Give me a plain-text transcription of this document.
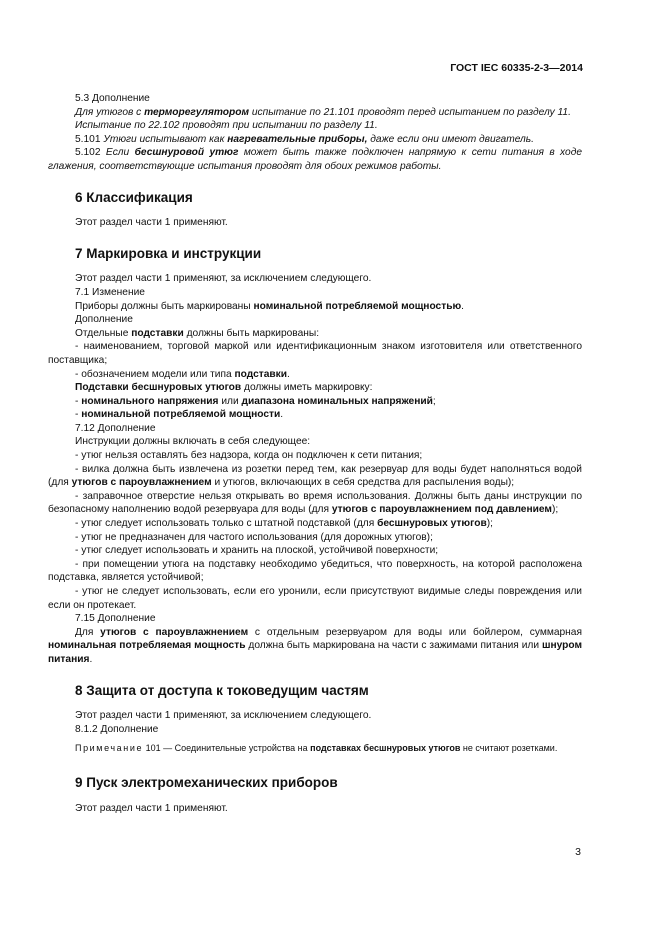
ГОСТ IEC 60335-2-3—2014

5.3 Дополнение

Для утюгов с терморегулятором испытание по 21.101 проводят перед испытанием по разделу 11.

Испытание по 22.102 проводят при испытании по разделу 11.

5.101 Утюги испытывают как нагревательные приборы, даже если они имеют двигатель.

5.102 Если бесшнуровой утюг может быть также подключен напрямую к сети питания в ходе глажения, соответствующие испытания проводят для обоих режимов работы.

6 Классификация

Этот раздел части 1 применяют.

7 Маркировка и инструкции

Этот раздел части 1 применяют, за исключением следующего.

7.1 Изменение

Приборы должны быть маркированы номинальной потребляемой мощностью.

Дополнение

Отдельные подставки должны быть маркированы:

- наименованием, торговой маркой или идентификационным знаком изготовителя или ответственного поставщика;

- обозначением модели или типа подставки.

Подставки бесшнуровых утюгов должны иметь маркировку:

- номинального напряжения или диапазона номинальных напряжений;

- номинальной потребляемой мощности.

7.12 Дополнение

Инструкции должны включать в себя следующее:

- утюг нельзя оставлять без надзора, когда он подключен к сети питания;

- вилка должна быть извлечена из розетки перед тем, как резервуар для воды будет наполняться водой (для утюгов с пароувлажнением и утюгов, включающих в себя средства для распыления воды);

- заправочное отверстие нельзя открывать во время использования. Должны быть даны инструкции по безопасному наполнению водой резервуара для воды (для утюгов с пароувлажнением под давлением);

- утюг следует использовать только с штатной подставкой (для бесшнуровых утюгов);

- утюг не предназначен для частого использования (для дорожных утюгов);

- утюг следует использовать и хранить на плоской, устойчивой поверхности;

- при помещении утюга на подставку необходимо убедиться, что поверхность, на которой расположена подставка, является устойчивой;

- утюг не следует использовать, если его уронили, если присутствуют видимые следы повреждения или если он протекает.

7.15 Дополнение

Для утюгов с пароувлажнением с отдельным резервуаром для воды или бойлером, суммарная номинальная потребляемая мощность должна быть маркирована на части с зажимами питания или шнуром питания.

8 Защита от доступа к токоведущим частям

Этот раздел части 1 применяют, за исключением следующего.

8.1.2 Дополнение

Примечание 101 — Соединительные устройства на подставках бесшнуровых утюгов не считают розетками.

9 Пуск электромеханических приборов

Этот раздел части 1 применяют.

3
